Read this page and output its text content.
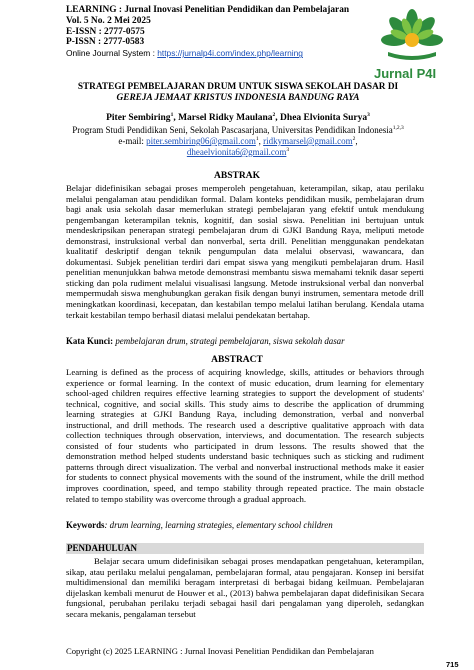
LEARNING : Jurnal Inovasi Penelitian Pendidikan dan Pembelajaran
Vol. 5 No. 2 Mei 2025
E-ISSN : 2777-0575
P-ISSN : 2777-0583
Online Journal System : https://jurnalp4i.com/index.php/learning
Jurnal P4I
STRATEGI PEMBELAJARAN DRUM UNTUK SISWA SEKOLAH DASAR DI
GEREJA JEMAAT KRISTUS INDONESIA BANDUNG RAYA
Piter Sembiring$^1$, Marsel Ridky Maulana$^2$, Dhea Elvionita Surya$^3$
Program Studi Pendidikan Seni, Sekolah Pascasarjana, Universitas Pendidikan Indonesia$^{1,2,3}$
e-mail: piter.sembiring06@gmail.com$^1$, ridkymarsel@gmail.com$^2$,
dheaelvionita6@gmail.com$^3$
ABSTRAK
Belajar didefinisikan sebagai proses memperoleh pengetahuan, keterampilan, sikap, atau perilaku melalui pengalaman atau pendidikan formal. Dalam konteks pendidikan musik, pembelajaran drum bagi anak usia sekolah dasar memerlukan strategi pembelajaran yang efektif untuk mendukung pengembangan keterampilan teknis, kognitif, dan sosial siswa. Penelitian ini bertujuan untuk mendeskripsikan penerapan strategi pembelajaran drum di GJKI Bandung Raya, meliputi metode demonstrasi, instruksional verbal dan nonverbal, serta drill. Penelitian menggunakan pendekatan kualitatif deskriptif dengan teknik pengumpulan data melalui observasi, wawancara, dan dokumentasi. Subjek penelitian terdiri dari empat siswa yang mengikuti pembelajaran drum. Hasil penelitian menunjukkan bahwa metode demonstrasi membantu siswa memahami teknik dasar seperti sticking dan pola rudiment melalui visualisasi langsung. Metode instruksional verbal dan nonverbal mempermudah siswa menghubungkan gerakan fisik dengan bunyi instrumen, sementara metode drill meningkatkan koordinasi, kecepatan, dan kestabilan tempo melalui latihan berulang. Kendala utama terkait kestabilan tempo berhasil diatasi melalui pendekatan bertahap.
Kata Kunci: pembelajaran drum, strategi pembelajaran, siswa sekolah dasar
ABSTRACT
Learning is defined as the process of acquiring knowledge, skills, attitudes or behaviors through experience or formal learning. In the context of music education, drum learning for elementary school-aged children requires effective learning strategies to support the development of students' technical, cognitive, and social skills. This study aims to describe the application of drumming learning strategies at GJKI Bandung Raya, including demonstration, verbal and nonverbal instructional, and drill methods. The research used a descriptive qualitative approach with data collection techniques through observation, interviews, and documentation. The research subjects consisted of four students who participated in drum lessons. The results showed that the demonstration method helped students understand basic techniques such as sticking and rudiment patterns through direct visualization. The verbal and nonverbal instructional methods make it easier for students to connect physical movements with the sound of the instrument, while the drill method improves coordination, speed, and tempo stability through repeated practice. The main obstacle related to tempo stability was overcome through a gradual approach.
Keywords: drum learning, learning strategies, elementary school children
PENDAHULUAN
Belajar secara umum didefinisikan sebagai proses mendapatkan pengetahuan, keterampilan, sikap, atau perilaku melalui pengalaman, pembelajaran formal, atau pengajaran. Konsep ini bersifat multidimensional dan memiliki beragam interpretasi di berbagai bidang keilmuan. Pembelajaran dijelaskan kembali menurut de Houwer et al., (2013) bahwa pembelajaran dapat didefinisikan Secara fungsional, perubahan perilaku terjadi sebagai hasil dari pengalaman yang diperoleh, sedangkan secara mekanis, pengalaman tersebut
Copyright (c) 2025 LEARNING : Jurnal Inovasi Penelitian Pendidikan dan Pembelajaran
715
